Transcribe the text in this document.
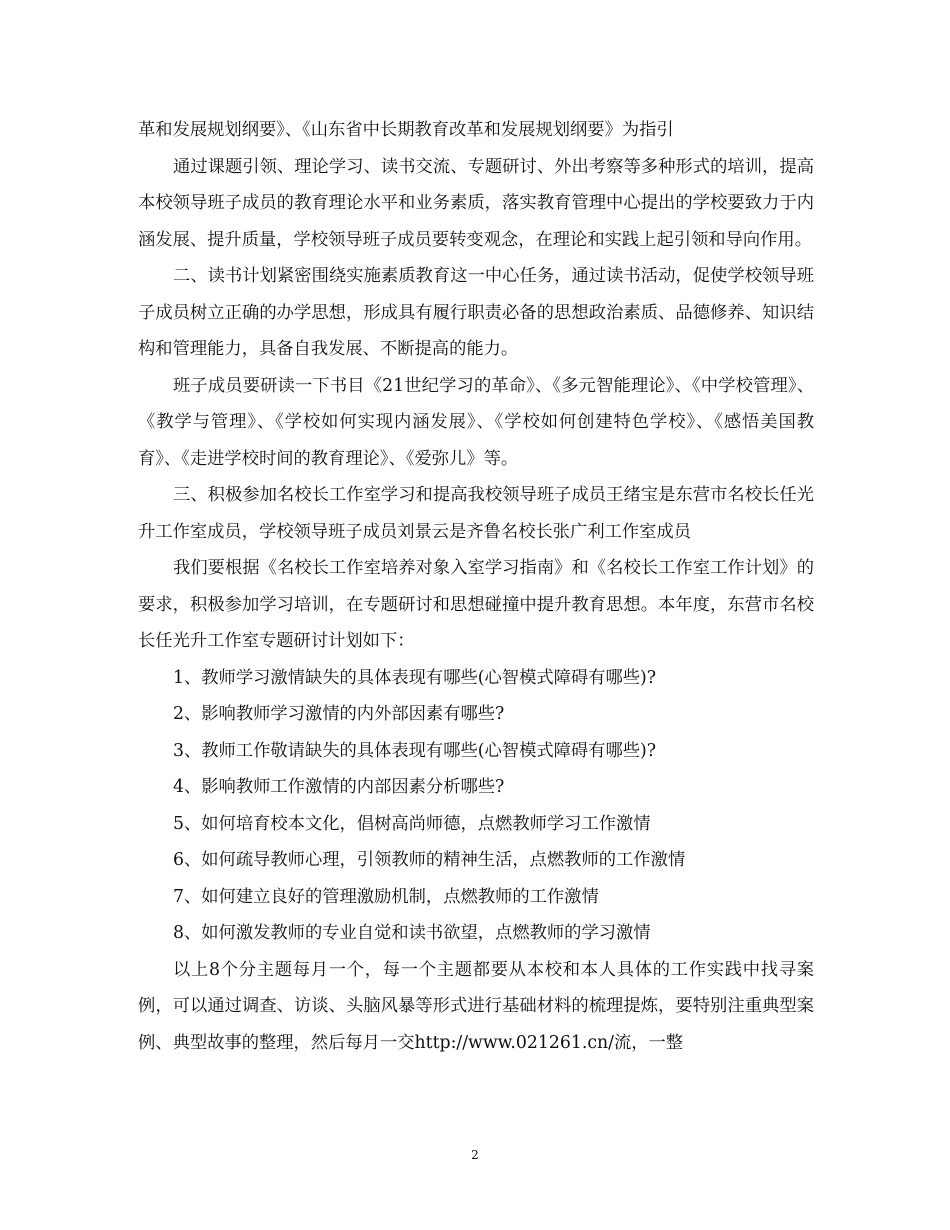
革和发展规划纲要》、《山东省中长期教育改革和发展规划纲要》为指引

通过课题引领、理论学习、读书交流、专题研讨、外出考察等多种形式的培训，提高本校领导班子成员的教育理论水平和业务素质，落实教育管理中心提出的学校要致力于内涵发展、提升质量，学校领导班子成员要转变观念，在理论和实践上起引领和导向作用。

二、读书计划紧密围绕实施素质教育这一中心任务，通过读书活动，促使学校领导班子成员树立正确的办学思想，形成具有履行职责必备的思想政治素质、品德修养、知识结构和管理能力，具备自我发展、不断提高的能力。

班子成员要研读一下书目《21世纪学习的革命》、《多元智能理论》、《中学校管理》、《教学与管理》、《学校如何实现内涵发展》、《学校如何创建特色学校》、《感悟美国教育》、《走进学校时间的教育理论》、《爱弥儿》等。

三、积极参加名校长工作室学习和提高我校领导班子成员王绪宝是东营市名校长任光升工作室成员，学校领导班子成员刘景云是齐鲁名校长张广利工作室成员

我们要根据《名校长工作室培养对象入室学习指南》和《名校长工作室工作计划》的要求，积极参加学习培训，在专题研讨和思想碰撞中提升教育思想。本年度，东营市名校长任光升工作室专题研讨计划如下：

1、教师学习激情缺失的具体表现有哪些(心智模式障碍有哪些)?

2、影响教师学习激情的内外部因素有哪些?

3、教师工作敬请缺失的具体表现有哪些(心智模式障碍有哪些)?

4、影响教师工作激情的内部因素分析哪些?

5、如何培育校本文化，倡树高尚师德，点燃教师学习工作激情

6、如何疏导教师心理，引领教师的精神生活，点燃教师的工作激情

7、如何建立良好的管理激励机制，点燃教师的工作激情

8、如何激发教师的专业自觉和读书欲望，点燃教师的学习激情

以上8个分主题每月一个，每一个主题都要从本校和本人具体的工作实践中找寻案例，可以通过调查、访谈、头脑风暴等形式进行基础材料的梳理提炼，要特别注重典型案例、典型故事的整理，然后每月一交http://www.021261.cn/流，一整

2
